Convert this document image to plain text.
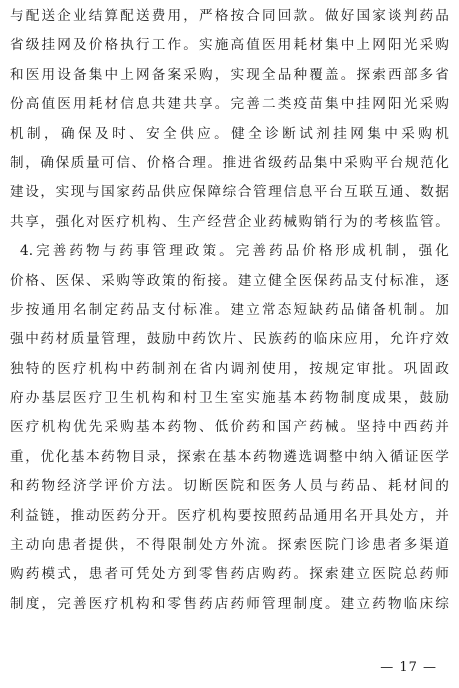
与配送企业结算配送费用，严格按合同回款。做好国家谈判药品
省级挂网及价格执行工作。实施高值医用耗材集中上网阳光采购
和医用设备集中上网备案采购，实现全品种覆盖。探索西部多省
份高值医用耗材信息共建共享。完善二类疫苗集中挂网阳光采购
机制，确保及时、安全供应。健全诊断试剂挂网集中采购机
制，确保质量可信、价格合理。推进省级药品集中采购平台规范化
建设，实现与国家药品供应保障综合管理信息平台互联互通、数据
共享，强化对医疗机构、生产经营企业药械购销行为的考核监管。
4.完善药物与药事管理政策。完善药品价格形成机制，强化
价格、医保、采购等政策的衔接。建立健全医保药品支付标准，逐
步按通用名制定药品支付标准。建立常态短缺药品储备机制。加
强中药材质量管理，鼓励中药饮片、民族药的临床应用，允许疗效
独特的医疗机构中药制剂在省内调剂使用，按规定审批。巩固政
府办基层医疗卫生机构和村卫生室实施基本药物制度成果，鼓励
医疗机构优先采购基本药物、低价药和国产药械。坚持中西药并
重，优化基本药物目录，探索在基本药物遴选调整中纳入循证医学
和药物经济学评价方法。切断医院和医务人员与药品、耗材间的
利益链，推动医药分开。医疗机构要按照药品通用名开具处方，并
主动向患者提供，不得限制处方外流。探索医院门诊患者多渠道
购药模式，患者可凭处方到零售药店购药。探索建立医院总药师
制度，完善医疗机构和零售药店药师管理制度。建立药物临床综
— 17 —
